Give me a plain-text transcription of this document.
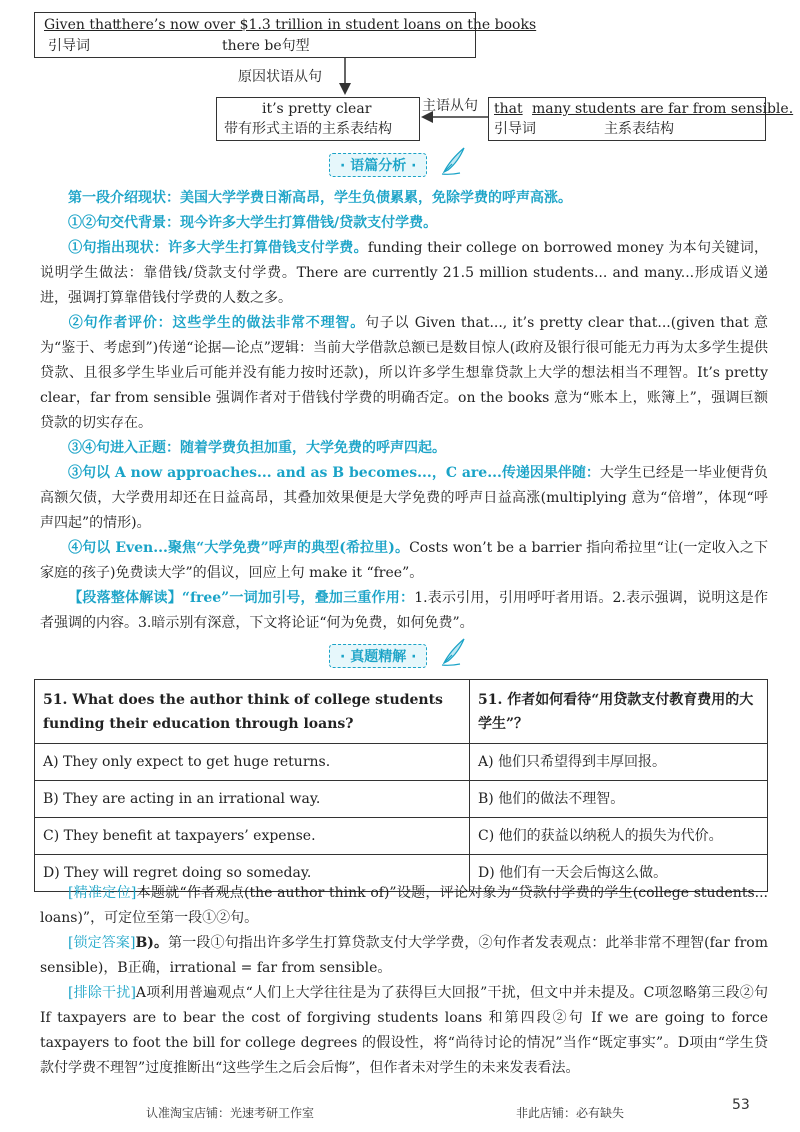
Given that
there’s now over $1.3 trillion in student loans on the books
引导词	there be句型
原因状语从句
it’s pretty clear
带有形式主语的主系表结构
主语从句 that many students are far from sensible.
引导词	主系表结构
· 语篇分析 ·
第一段介绍现状：美国大学学费日渐高昂，学生负债累累，免除学费的呼声高涨。
①②句交代背景：现今许多大学生打算借钱/贷款支付学费。
①句指出现状：许多大学生打算借钱支付学费。funding their college on borrowed money 为本句关键词，说明学生做法：靠借钱/贷款支付学费。There are currently 21.5 million students... and many...形成语义递进，强调打算靠借钱付学费的人数之多。
②句作者评价：这些学生的做法非常不理智。句子以 Given that..., it’s pretty clear that...(given that 意为“鉴于、考虑到”)传递“论据—论点”逻辑：当前大学借款总额已是数目惊人(政府及银行很可能无力再为太多学生提供贷款、且很多学生毕业后可能并没有能力按时还款)，所以许多学生想靠贷款上大学的想法相当不理智。It’s pretty clear，far from sensible 强调作者对于借钱付学费的明确否定。on the books 意为“账本上，账簿上”，强调巨额贷款的切实存在。
③④句进入正题：随着学费负担加重，大学免费的呼声四起。
③句以 A now approaches... and as B becomes...，C are...传递因果伴随：大学生已经是一毕业便背负高额欠债，大学费用却还在日益高昂，其叠加效果便是大学免费的呼声日益高涨(multiplying 意为“倍增”，体现“呼声四起”的情形)。
④句以 Even...聚焦“大学免费”呼声的典型(希拉里)。Costs won’t be a barrier 指向希拉里“让(一定收入之下家庭的孩子)免费读大学”的倡议，回应上句 make it “free”。
【段落整体解读】“free”一词加引号，叠加三重作用：1.表示引用，引用呼吁者用语。2.表示强调，说明这是作者强调的内容。3.暗示别有深意，下文将论证“何为免费，如何免费”。
· 真题精解 ·
51. What does the author think of college students funding their education through loans?	51. 作者如何看待“用贷款支付教育费用的大学生”？
A) They only expect to get huge returns.	A) 他们只希望得到丰厚回报。
B) They are acting in an irrational way.	B) 他们的做法不理智。
C) They benefit at taxpayers’ expense.	C) 他们的获益以纳税人的损失为代价。
D) They will regret doing so someday.	D) 他们有一天会后悔这么做。
[精准定位]本题就“作者观点(the author think of)”设题，评论对象为“贷款付学费的学生(college students... loans)”，可定位至第一段①②句。
[锁定答案]B)。第一段①句指出许多学生打算贷款支付大学学费，②句作者发表观点：此举非常不理智(far from sensible)，B正确，irrational = far from sensible。
[排除干扰]A项利用普遍观点“人们上大学往往是为了获得巨大回报”干扰，但文中并未提及。C项忽略第三段②句 If taxpayers are to bear the cost of forgiving students loans 和第四段②句 If we are going to force taxpayers to foot the bill for college degrees 的假设性，将“尚待讨论的情况”当作“既定事实”。D项由“学生贷款付学费不理智”过度推断出“这些学生之后会后悔”，但作者未对学生的未来发表看法。
认准淘宝店铺：光速考研工作室	非此店铺：必有缺失	53
